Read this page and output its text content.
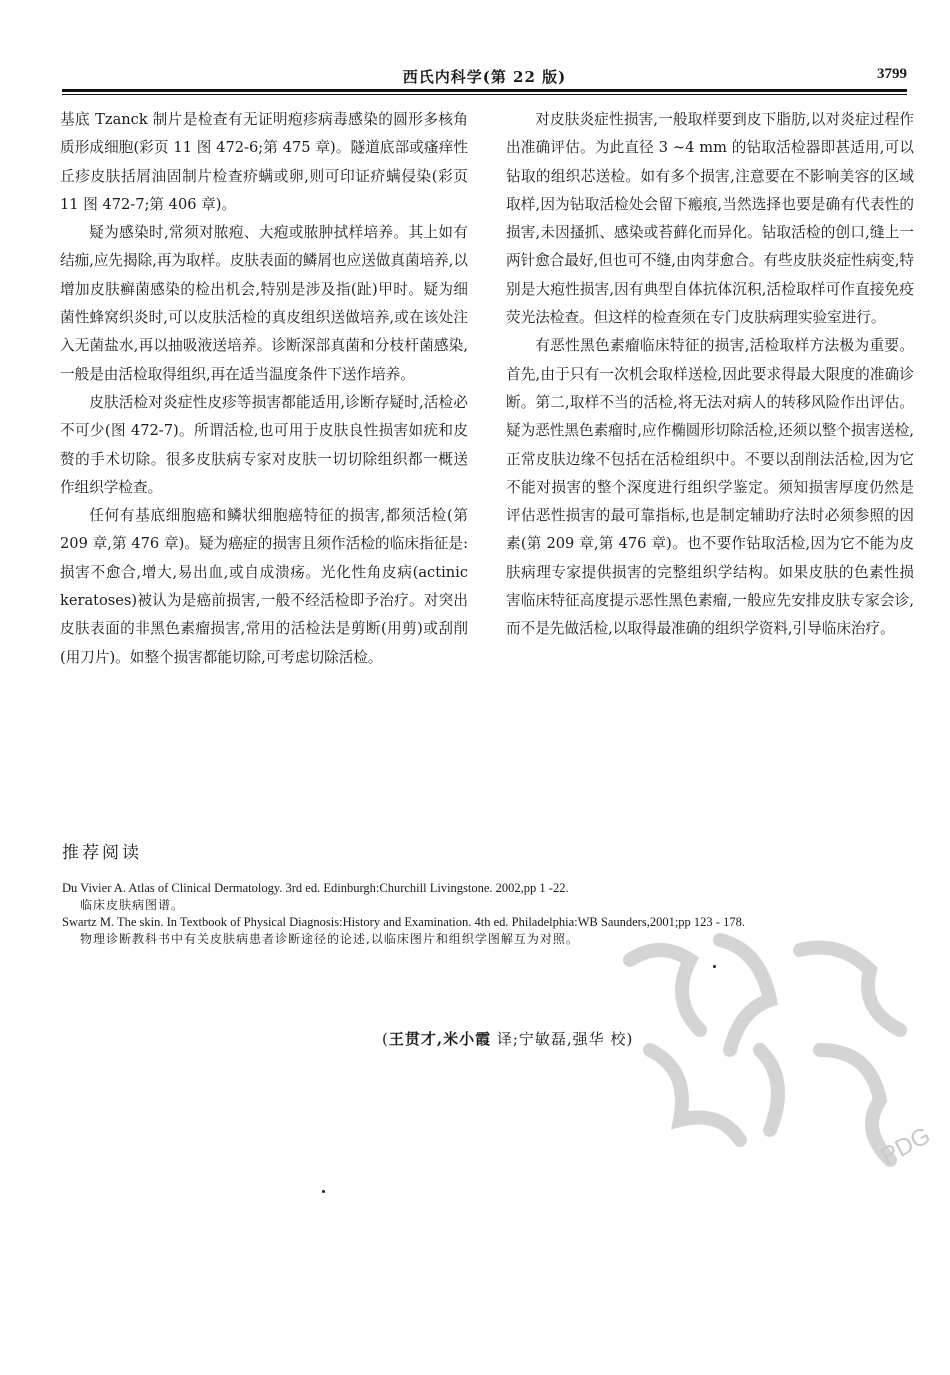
西氏内科学(第 22 版)	3799

基底 Tzanck 制片是检查有无证明疱疹病毒感染的圆形多核角质形成细胞(彩页 11 图 472-6;第 475 章)。隧道底部或瘙痒性丘疹皮肤括屑油固制片检查疥螨或卵,则可印证疥螨侵染(彩页 11 图 472-7;第 406 章)。

疑为感染时,常须对脓疱、大疱或脓肿拭样培养。其上如有结痂,应先揭除,再为取样。皮肤表面的鳞屑也应送做真菌培养,以增加皮肤癣菌感染的检出机会,特别是涉及指(趾)甲时。疑为细菌性蜂窝织炎时,可以皮肤活检的真皮组织送做培养,或在该处注入无菌盐水,再以抽吸液送培养。诊断深部真菌和分枝杆菌感染,一般是由活检取得组织,再在适当温度条件下送作培养。

皮肤活检对炎症性皮疹等损害都能适用,诊断存疑时,活检必不可少(图 472-7)。所谓活检,也可用于皮肤良性损害如疣和皮赘的手术切除。很多皮肤病专家对皮肤一切切除组织都一概送作组织学检查。

任何有基底细胞癌和鳞状细胞癌特征的损害,都须活检(第 209 章,第 476 章)。疑为癌症的损害且须作活检的临床指征是:损害不愈合,增大,易出血,或自成溃疡。光化性角皮病(actinic keratoses)被认为是癌前损害,一般不经活检即予治疗。对突出皮肤表面的非黑色素瘤损害,常用的活检法是剪断(用剪)或刮削(用刀片)。如整个损害都能切除,可考虑切除活检。

对皮肤炎症性损害,一般取样要到皮下脂肪,以对炎症过程作出准确评估。为此直径 3 ~4 mm 的钻取活检器即甚适用,可以钻取的组织芯送检。如有多个损害,注意要在不影响美容的区域取样,因为钻取活检处会留下瘢痕,当然选择也要是确有代表性的损害,未因搔抓、感染或苔藓化而异化。钻取活检的创口,缝上一两针愈合最好,但也可不缝,由肉芽愈合。有些皮肤炎症性病变,特别是大疱性损害,因有典型自体抗体沉积,活检取样可作直接免疫荧光法检查。但这样的检查须在专门皮肤病理实验室进行。

有恶性黑色素瘤临床特征的损害,活检取样方法极为重要。首先,由于只有一次机会取样送检,因此要求得最大限度的准确诊断。第二,取样不当的活检,将无法对病人的转移风险作出评估。疑为恶性黑色素瘤时,应作椭圆形切除活检,还须以整个损害送检,正常皮肤边缘不包括在活检组织中。不要以刮削法活检,因为它不能对损害的整个深度进行组织学鉴定。须知损害厚度仍然是评估恶性损害的最可靠指标,也是制定辅助疗法时必须参照的因素(第 209 章,第 476 章)。也不要作钻取活检,因为它不能为皮肤病理专家提供损害的完整组织学结构。如果皮肤的色素性损害临床特征高度提示恶性黑色素瘤,一般应先安排皮肤专家会诊,而不是先做活检,以取得最准确的组织学资料,引导临床治疗。

推荐阅读

Du Vivier A. Atlas of Clinical Dermatology. 3rd ed. Edinburgh:Churchill Livingstone. 2002,pp 1 -22.

临床皮肤病图谱。

Swartz M. The skin. In Textbook of Physical Diagnosis:History and Examination. 4th ed. Philadelphia:WB Saunders,2001;pp 123 - 178.

物理诊断教科书中有关皮肤病患者诊断途径的论述,以临床图片和组织学图解互为对照。

(王贯才,米小霞 译;宁敏磊,强华 校)
PDG
